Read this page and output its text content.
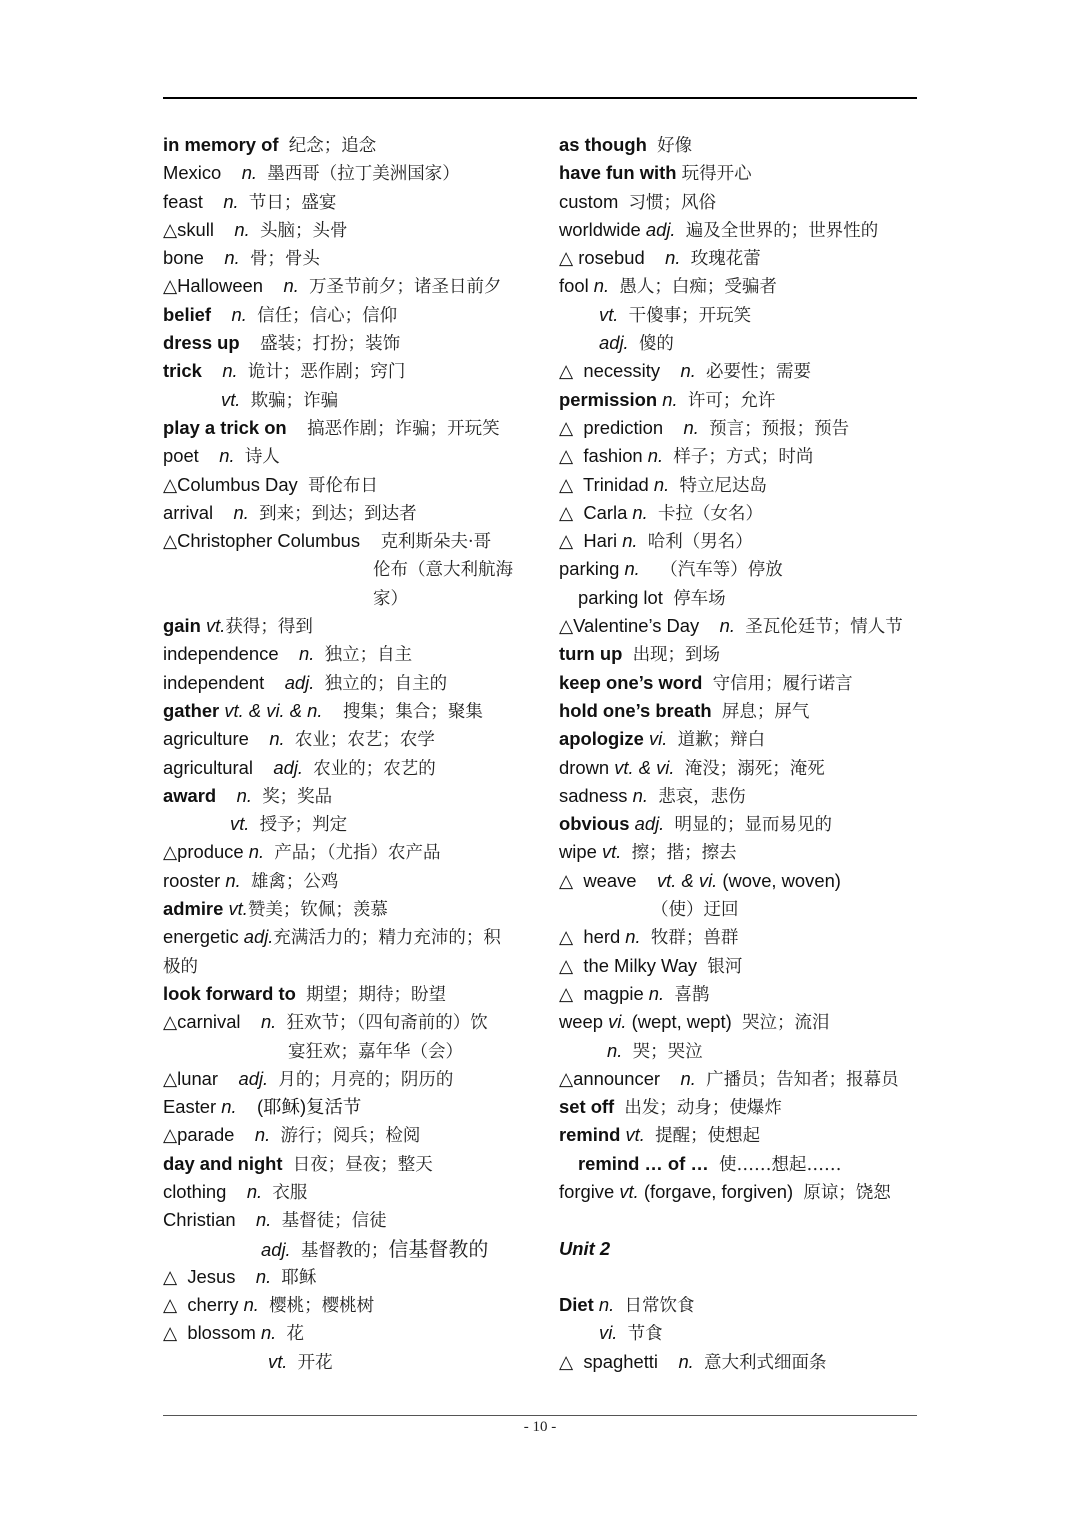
in memory of 纪念；追念
Mexico    n. 墨西哥（拉丁美洲国家）
feast    n. 节日；盛宴
△skull    n. 头脑；头骨
bone    n. 骨；骨头
△Halloween    n. 万圣节前夕；诸圣日前夕
belief n. 信任；信心；信仰
dress up 盛装；打扮；装饰
trick n. 诡计；恶作剧；窍门
vt. 欺骗；诈骗
play a trick on 搞恶作剧；诈骗；开玩笑
poet    n. 诗人
△Columbus Day  哥伦布日
arrival    n. 到来；到达；到达者
△Christopher Columbus    克利斯朵夫·哥
伦布（意大利航海
家）
gain vt.获得；得到
independence    n. 独立；自主
independent    adj. 独立的；自主的
gather vt. & vi. & n. 搜集；集合；聚集
agriculture    n. 农业；农艺；农学
agricultural    adj. 农业的；农艺的
award n. 奖；奖品
vt. 授予；判定
△produce n. 产品；（尤指）农产品
rooster n. 雄禽；公鸡
admire vt.赞美；钦佩；羡慕
energetic adj.充满活力的；精力充沛的；积
极的
look forward to 期望；期待；盼望
△carnival    n. 狂欢节；（四旬斋前的）饮
宴狂欢；嘉年华（会）
△lunar    adj. 月的；月亮的；阴历的
Easter n.    (耶稣)复活节
△parade    n. 游行；阅兵；检阅
day and night 日夜；昼夜；整天
clothing    n. 衣服
Christian    n. 基督徒；信徒
adj. 基督教的；信基督教的
△  Jesus    n. 耶稣
△  cherry n. 樱桃；樱桃树
△  blossom n. 花
vt. 开花
as though 好像
have fun with 玩得开心
custom  习惯；风俗
worldwide adj. 遍及全世界的；世界性的
△ rosebud    n. 玫瑰花蕾
fool n. 愚人；白痴；受骗者
vt. 干傻事；开玩笑
adj. 傻的
△  necessity    n. 必要性；需要
permission n. 许可；允许
△  prediction    n. 预言；预报；预告
△  fashion n. 样子；方式；时尚
△  Trinidad n. 特立尼达岛
△  Carla n. 卡拉（女名）
△  Hari n. 哈利（男名）
parking n. （汽车等）停放
parking lot  停车场
△Valentine’s Day    n. 圣瓦伦廷节；情人节
turn up 出现；到场
keep one’s word 守信用；履行诺言
hold one’s breath 屏息；屏气
apologize vi. 道歉；辩白
drown vt. & vi. 淹没；溺死；淹死
sadness n. 悲哀，悲伤
obvious adj. 明显的；显而易见的
wipe vt. 擦；揩；擦去
△  weave    vt. & vi. (wove, woven)
（使）迂回
△  herd n. 牧群；兽群
△  the Milky Way  银河
△  magpie n. 喜鹊
weep vi. (wept, wept)  哭泣；流泪
n. 哭；哭泣
△announcer    n. 广播员；告知者；报幕员
set off 出发；动身；使爆炸
remind vt. 提醒；使想起
remind … of … 使……想起……
forgive vt. (forgave, forgiven)  原谅；饶恕
Unit 2
Diet n. 日常饮食
vi. 节食
△  spaghetti    n. 意大利式细面条
- 10 -
